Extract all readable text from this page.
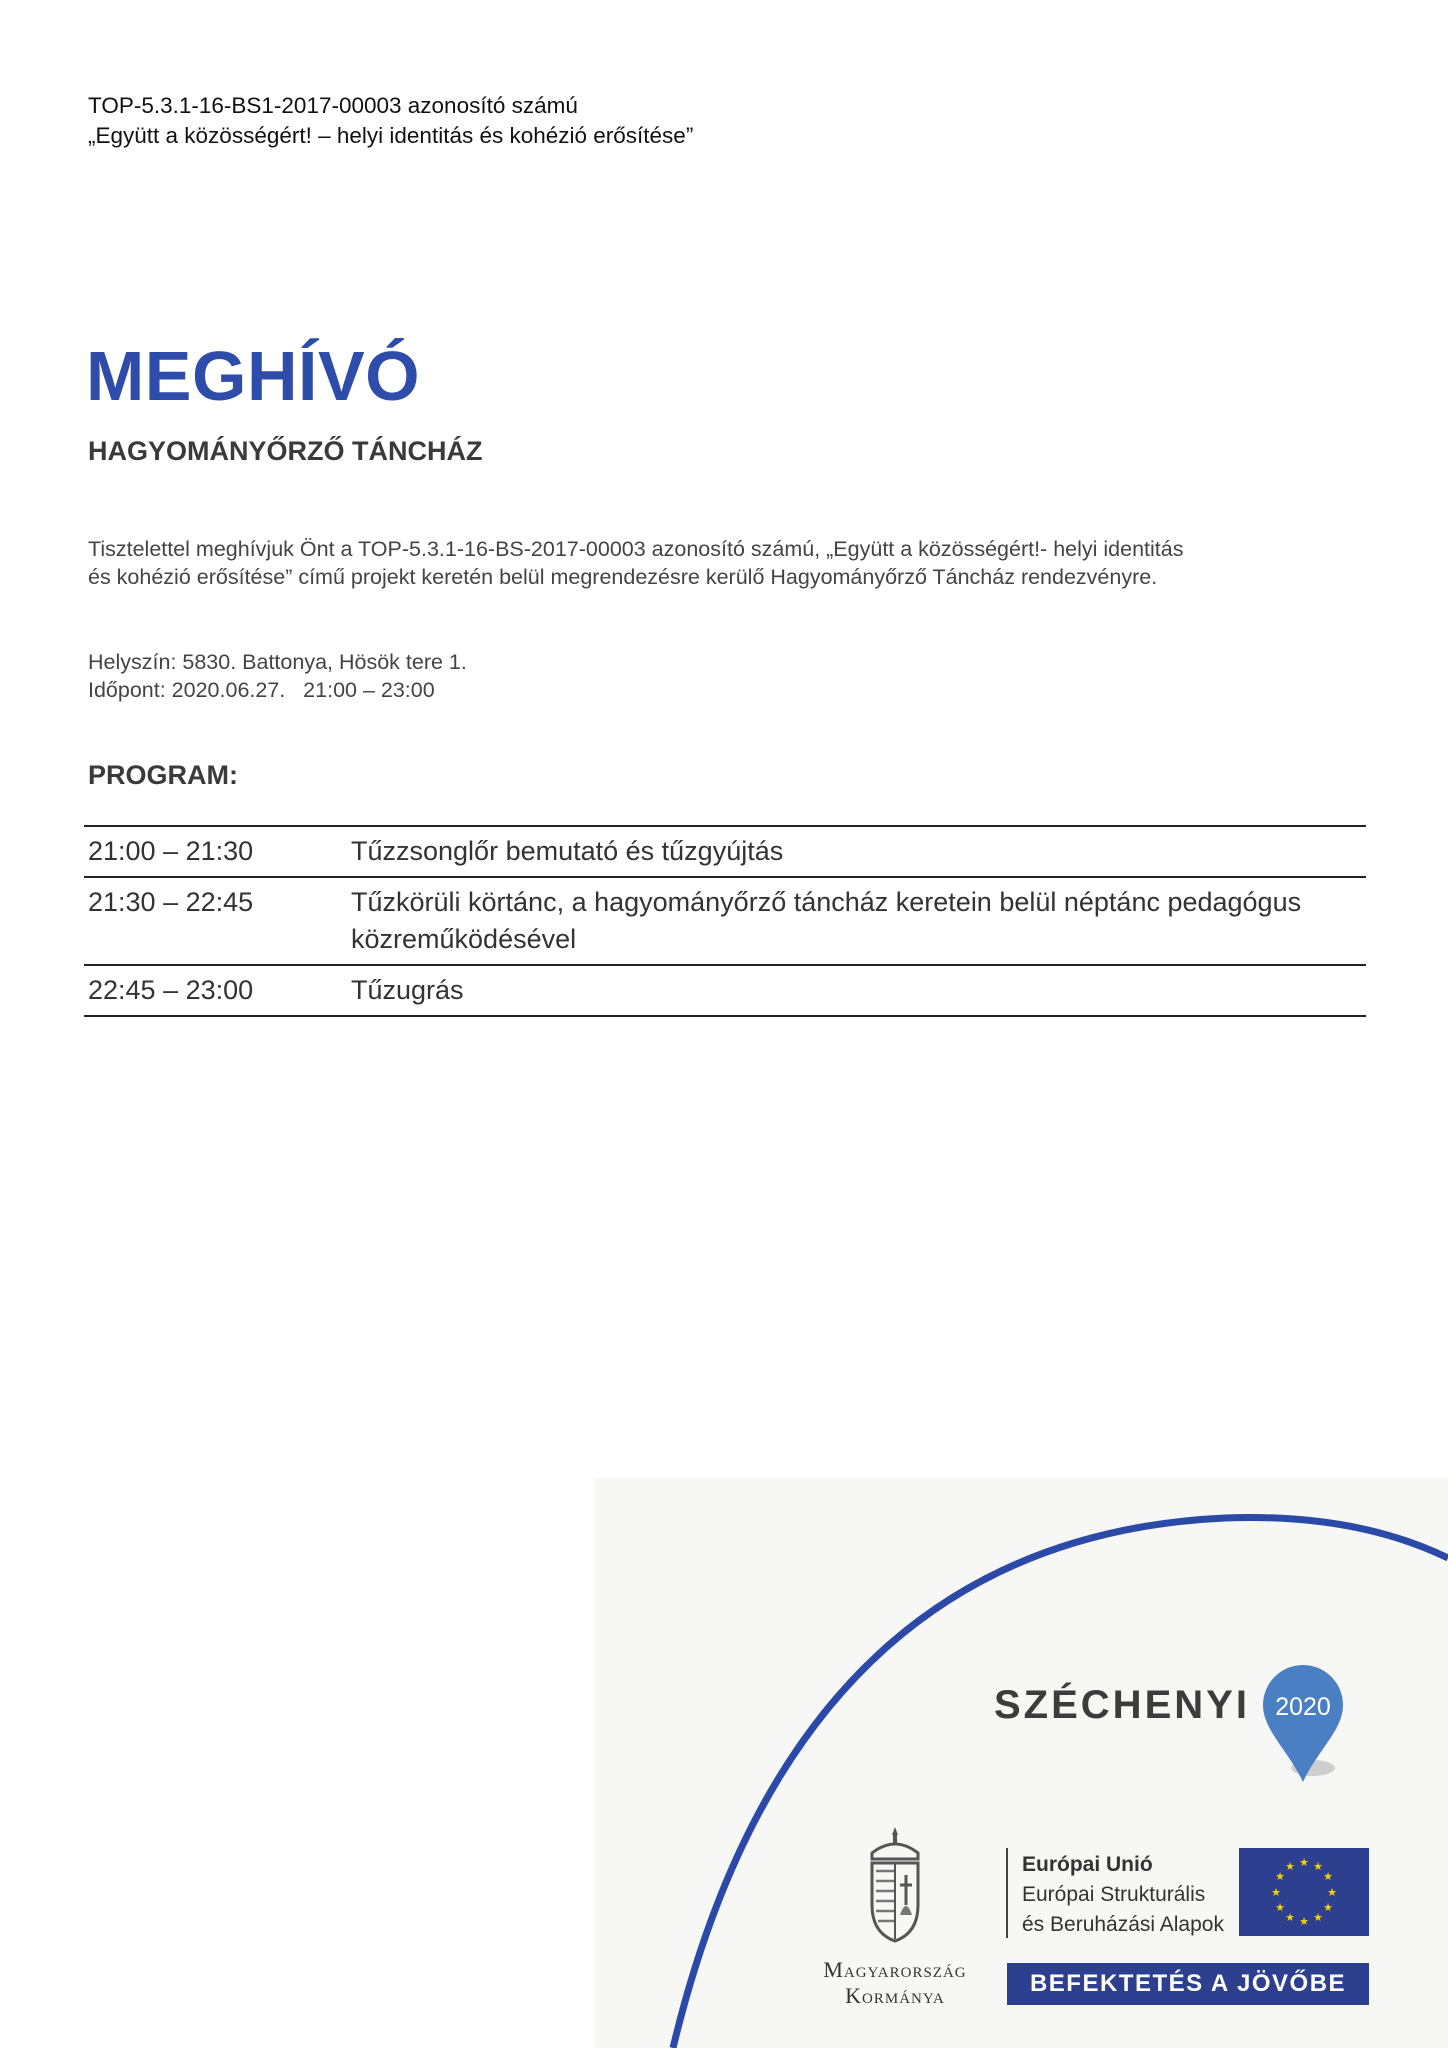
TOP-5.3.1-16-BS1-2017-00003 azonosító számú
„Együtt a közösségért! – helyi identitás és kohézió erősítése”
MEGHÍVÓ
HAGYOMÁNYŐRZŐ TÁNCHÁZ
Tisztelettel meghívjuk Önt a TOP-5.3.1-16-BS-2017-00003 azonosító számú, „Együtt a közösségért!- helyi identitás
és kohézió erősítése” című projekt keretén belül megrendezésre kerülő Hagyományőrző Táncház rendezvényre.
Helyszín: 5830. Battonya, Hösök tere 1.
Időpont: 2020.06.27.   21:00 – 23:00
PROGRAM:
21:00 – 21:30	Tűzzsonglőr bemutató és tűzgyújtás
21:30 – 22:45	Tűzkörüli körtánc, a hagyományőrző táncház keretein belül néptánc pedagógus közreműködésével
22:45 – 23:00	Tűzugrás
SZÉCHENYI 2020
Magyarország
Kormánya
Európai Unió
Európai Strukturális
és Beruházási Alapok
★ ★
★
★
★
★
★
★
★
★
★
★
BEFEKTETÉS A JÖVŐBE
